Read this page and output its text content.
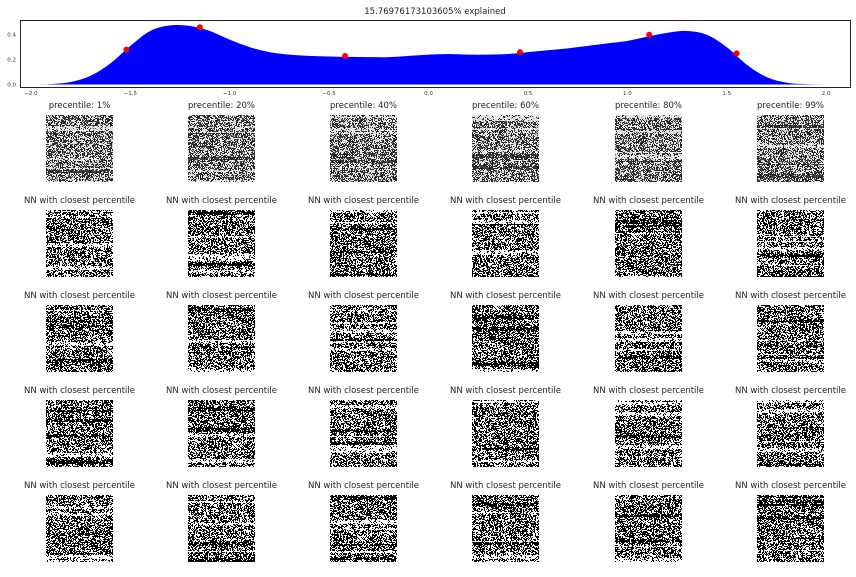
15.76976173103605% explained
−2.0	−1.5	−1.0	−0.5	0.0	0.5	1.0	1.5	2.0
0.0
0.2
0.4
precentile: 1%	precentile: 20%	precentile: 40%	precentile: 60%	precentile: 80%	precentile: 99%
NN with closest percentile	NN with closest percentile	NN with closest percentile	NN with closest percentile	NN with closest percentile	NN with closest percentile
NN with closest percentile	NN with closest percentile	NN with closest percentile	NN with closest percentile	NN with closest percentile	NN with closest percentile
NN with closest percentile	NN with closest percentile	NN with closest percentile	NN with closest percentile	NN with closest percentile	NN with closest percentile
NN with closest percentile	NN with closest percentile	NN with closest percentile	NN with closest percentile	NN with closest percentile	NN with closest percentile
